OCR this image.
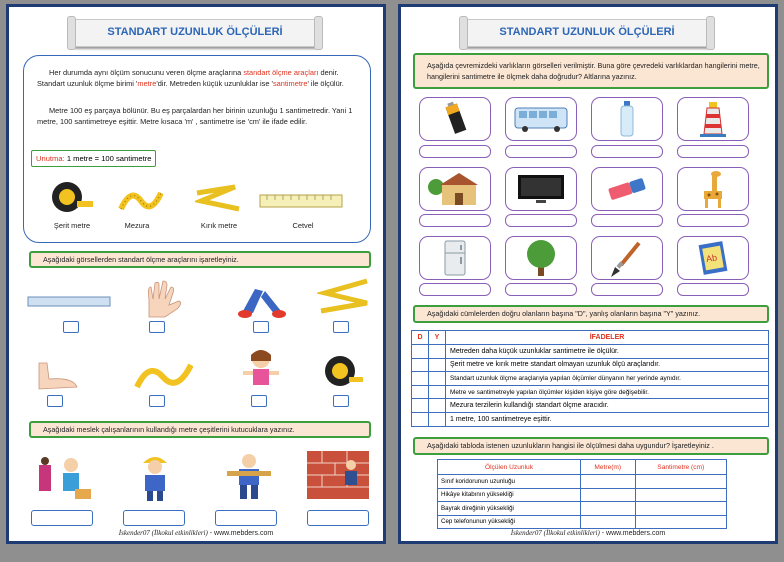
STANDART UZUNLUK ÖLÇÜLERİ
Her durumda aynı ölçüm sonucunu veren ölçme araçlarına standart ölçme araçları denir. Standart uzunluk ölçme birimi 'metre'dir. Metreden küçük uzunluklar ise 'santimetre' ile ölçülür.
Metre 100 eş parçaya bölünür. Bu eş parçalardan her birinin uzunluğu 1 santimetredir. Yani 1 metre, 100 santimetreye eşittir. Metre kısaca 'm' , santimetre ise 'cm' ile ifade edilir.
Unutma: 1 metre = 100 santimetre
Şerit metre	Mezura	Kırık metre	Cetvel
Aşağıdaki görsellerden standart ölçme araçlarını işaretleyiniz.
Aşağıdaki meslek çalışanlarının kullandığı metre çeşitlerini kutucuklara yazınız.
İskender07 (İlkokul etkinlikleri) - www.mebders.com
STANDART UZUNLUK ÖLÇÜLERİ
Aşağıda çevremizdeki varlıkların görselleri verilmiştir. Buna göre çevredeki varlıklardan hangilerini metre, hangilerini santimetre ile ölçmek daha doğrudur? Altlarına yazınız.
Ab
Aşağıdaki cümlelerden doğru olanların başına "D", yanlış olanların başına "Y" yazınız.
D	Y	İFADELER
		Metreden daha küçük uzunluklar santimetre ile ölçülür.
		Şerit metre ve kırık metre standart olmayan uzunluk ölçü araçlarıdır.
		Standart uzunluk ölçme araçlarıyla yapılan ölçümler dünyanın her yerinde aynıdır.
		Metre ve santimetreyle yapılan ölçümler kişiden kişiye göre değişebilir.
		Mezura terzilerin kullandığı standart ölçme aracıdır.
		1 metre, 100 santimetreye eşittir.
Aşağıdaki tabloda istenen uzunlukların hangisi ile ölçülmesi daha uygundur? İşaretleyiniz .
Ölçülen Uzunluk	Metre(m)	Santimetre (cm)
Sınıf koridorunun uzunluğu		
Hikâye kitabının yüksekliği		
Bayrak direğinin yüksekliği		
Cep telefonunun yüksekliği		
İskender07 (İlkokul etkinlikleri) - www.mebders.com
